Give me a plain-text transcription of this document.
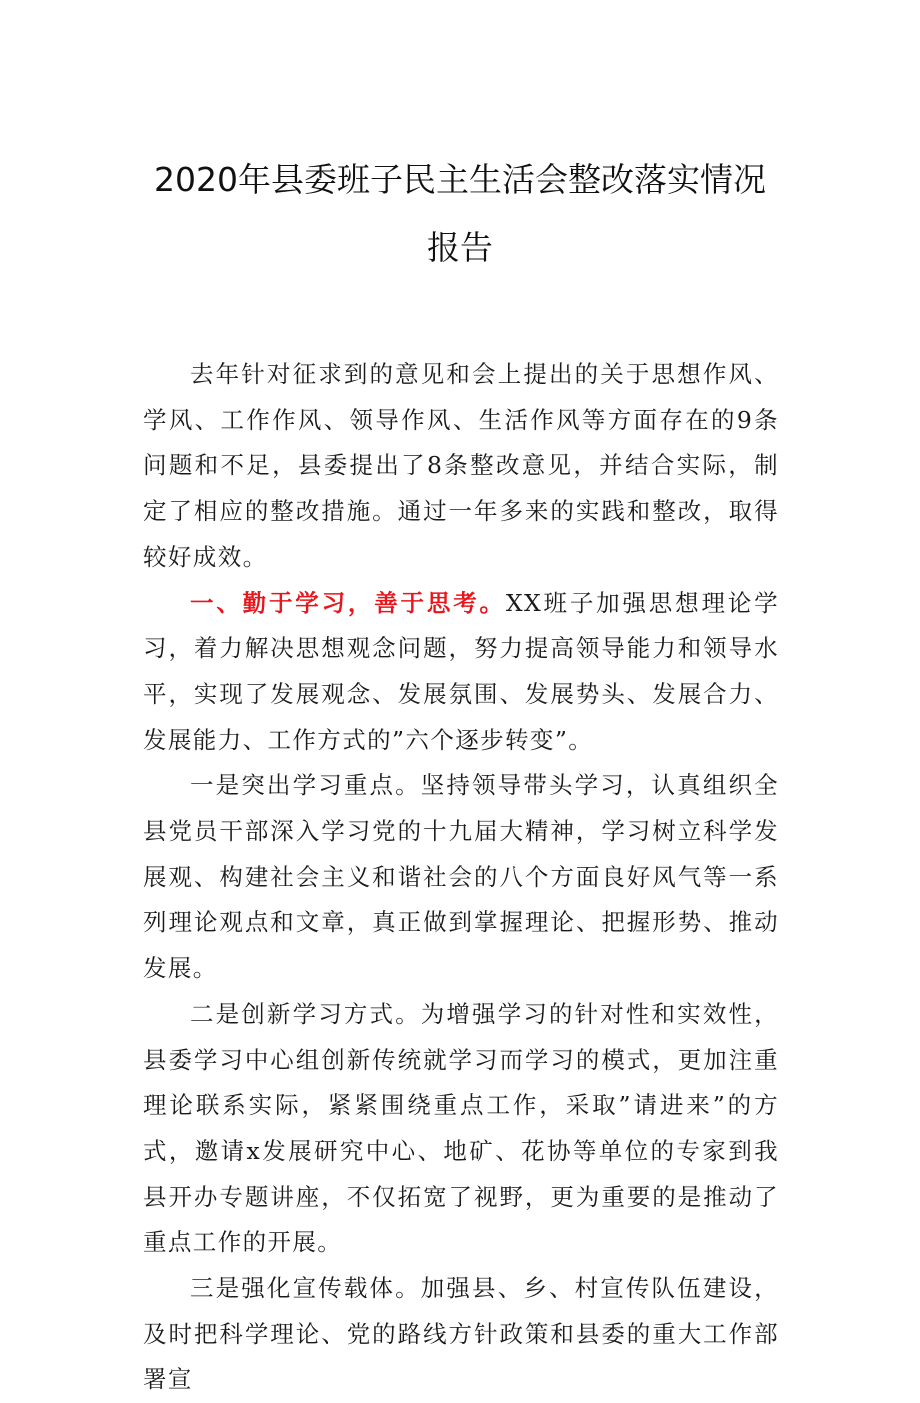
2020年县委班子民主生活会整改落实情况
报告

去年针对征求到的意见和会上提出的关于思想作风、学风、工作作风、领导作风、生活作风等方面存在的9条问题和不足，县委提出了8条整改意见，并结合实际，制定了相应的整改措施。通过一年多来的实践和整改，取得较好成效。

一、勤于学习，善于思考。XX班子加强思想理论学习，着力解决思想观念问题，努力提高领导能力和领导水平，实现了发展观念、发展氛围、发展势头、发展合力、发展能力、工作方式的”六个逐步转变”。

一是突出学习重点。坚持领导带头学习，认真组织全县党员干部深入学习党的十九届大精神，学习树立科学发展观、构建社会主义和谐社会的八个方面良好风气等一系列理论观点和文章，真正做到掌握理论、把握形势、推动发展。

二是创新学习方式。为增强学习的针对性和实效性，县委学习中心组创新传统就学习而学习的模式，更加注重理论联系实际，紧紧围绕重点工作，采取”请进来”的方式，邀请x发展研究中心、地矿、花协等单位的专家到我县开办专题讲座，不仅拓宽了视野，更为重要的是推动了重点工作的开展。

三是强化宣传载体。加强县、乡、村宣传队伍建设，及时把科学理论、党的路线方针政策和县委的重大工作部署宣
